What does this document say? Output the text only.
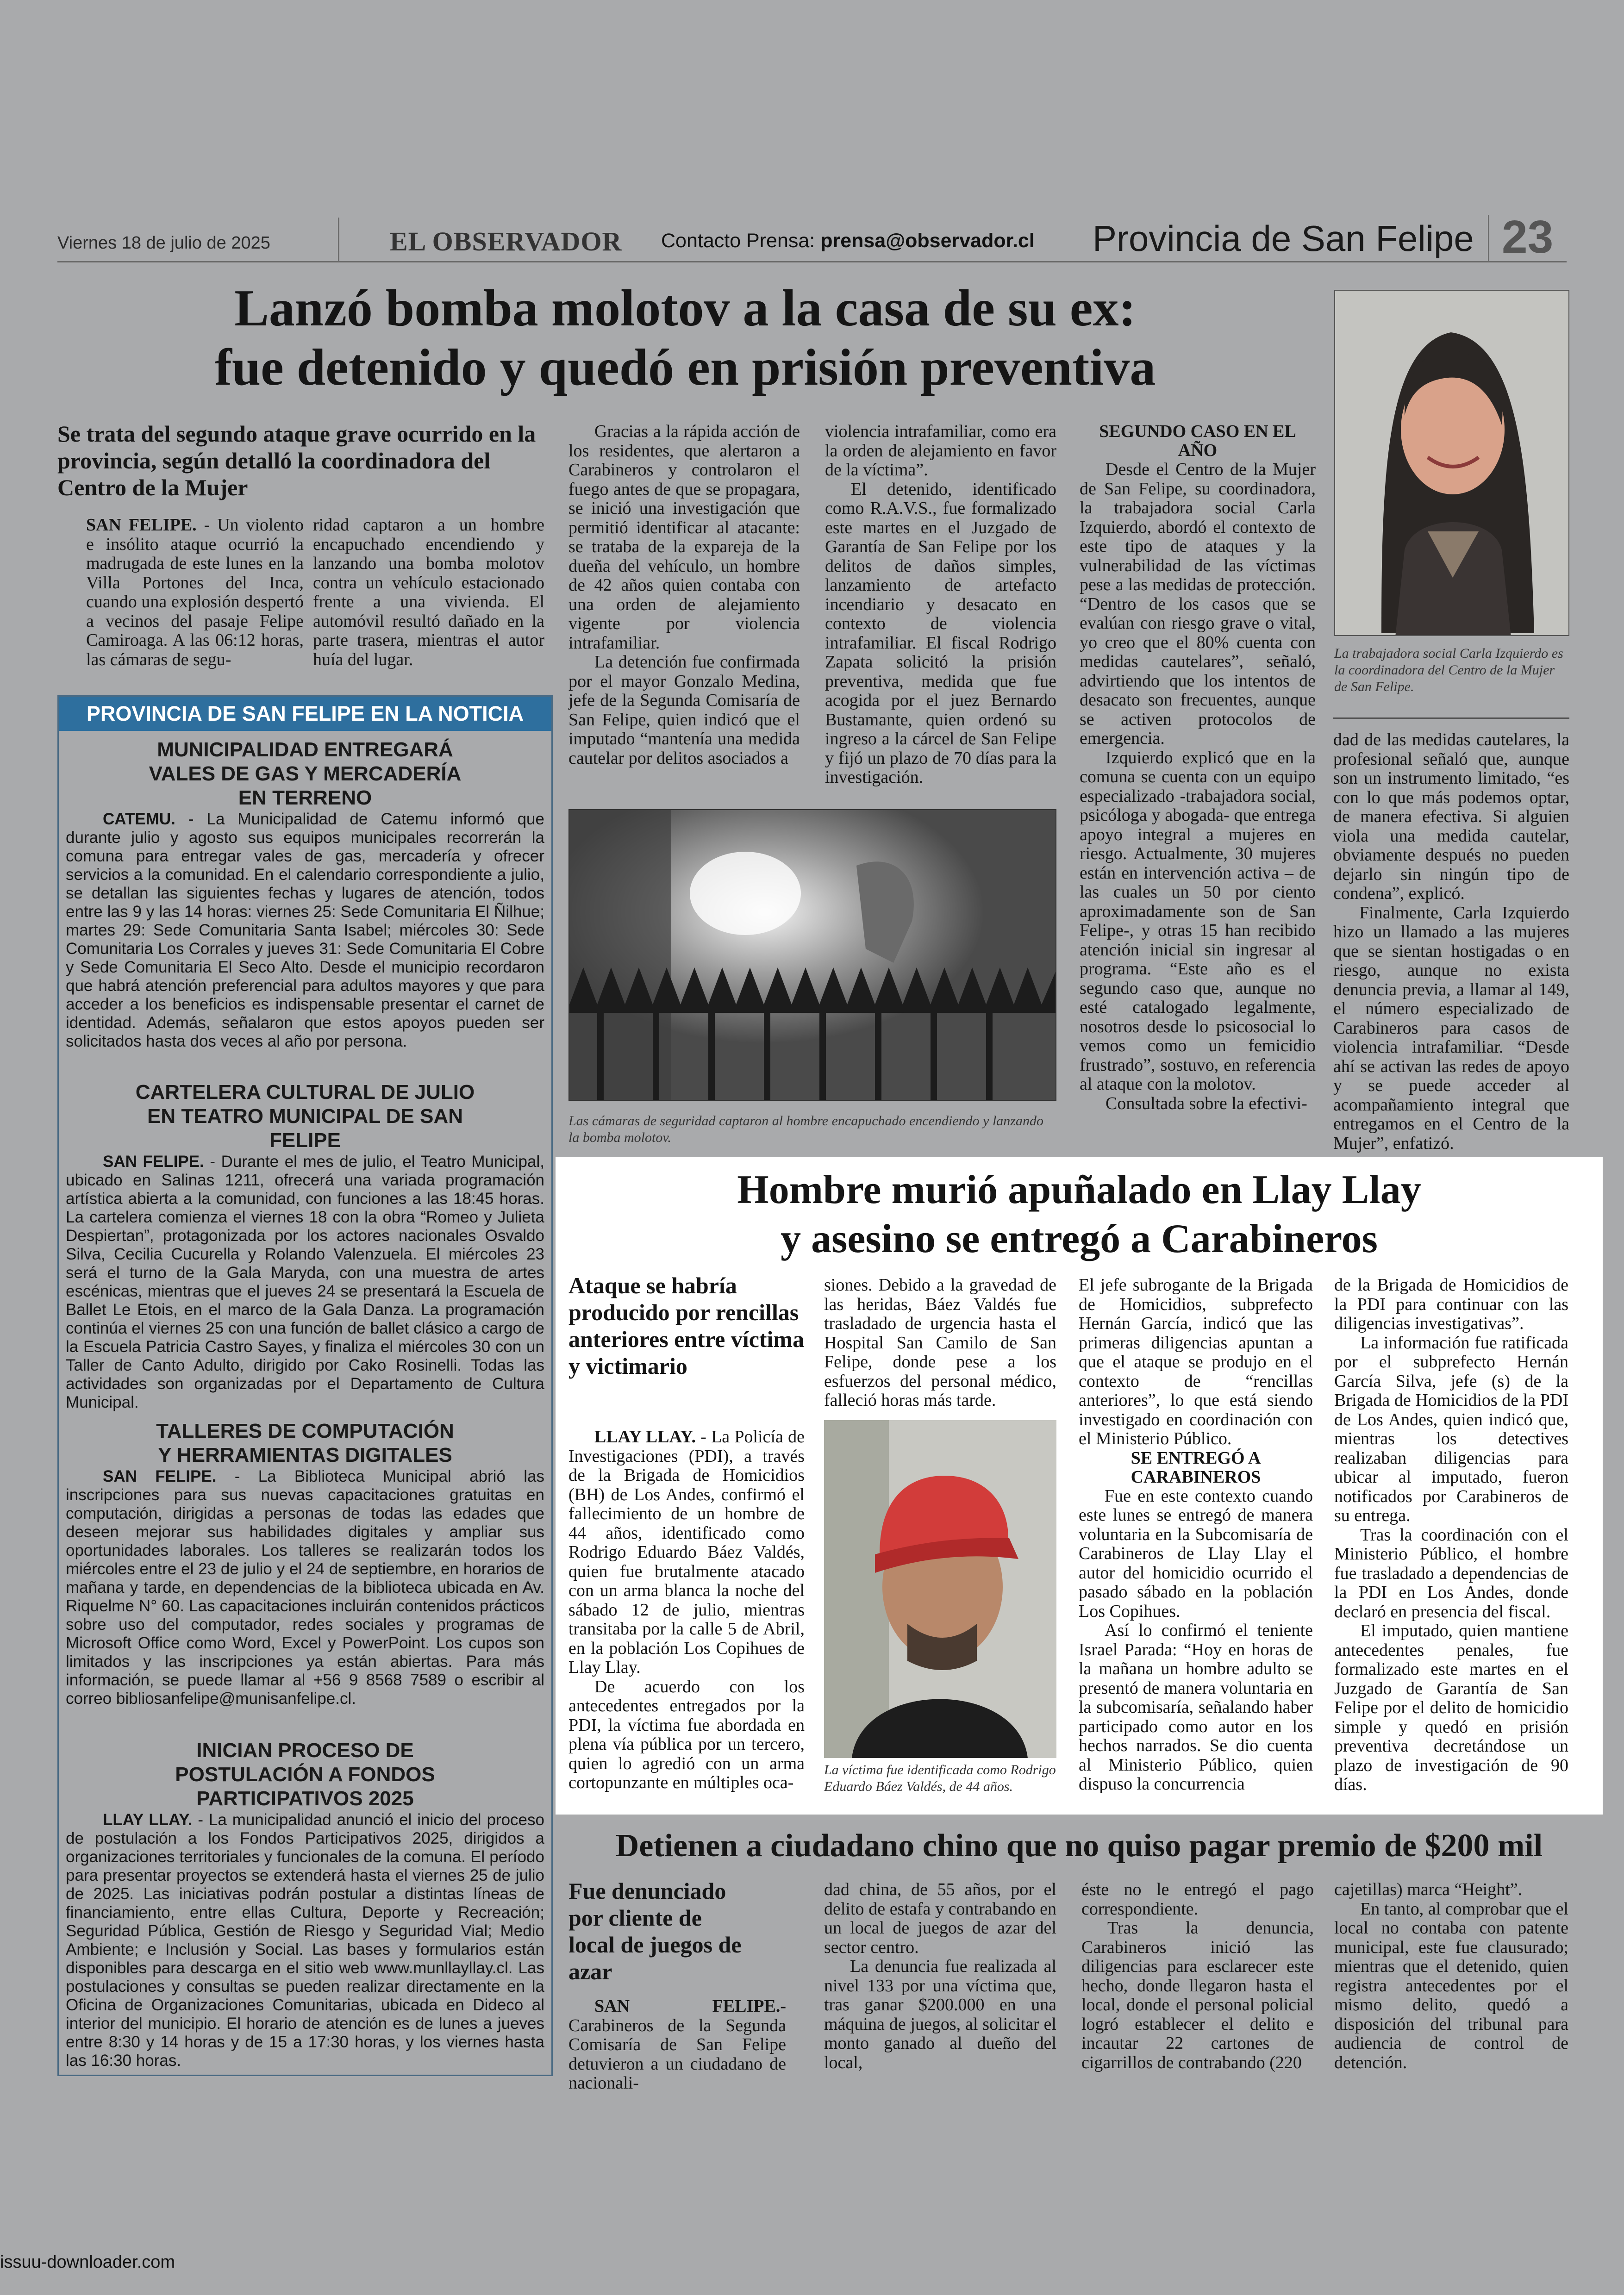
Viernes 18 de julio de 2025	EL OBSERVADOR Contacto Prensa: prensa@observador.cl Provincia de San Felipe 23
Lanzó bomba molotov a la casa de su ex:
fue detenido y quedó en prisión preventiva
Se trata del segundo ataque grave ocurrido en la provincia, según detalló la coordinadora del Centro de la Mujer

SAN FELIPE. - Un violento e insólito ataque ocurrió la madrugada de este lunes en la Villa Portones del Inca, cuando una explosión despertó a vecinos del pasaje Felipe Camiroaga. A las 06:12 horas, las cámaras de segu-

ridad captaron a un hombre encapuchado encendiendo y lanzando una bomba molotov contra un vehículo estacionado frente a una vivienda. El automóvil resultó dañado en la parte trasera, mientras el autor huía del lugar.

Gracias a la rápida acción de los residentes, que alertaron a Carabineros y controlaron el fuego antes de que se propagara, se inició una investigación que permitió identificar al atacante: se trataba de la expareja de la dueña del vehículo, un hombre de 42 años quien contaba con una orden de alejamiento vigente por violencia intrafamiliar.

La detención fue confirmada por el mayor Gonzalo Medina, jefe de la Segunda Comisaría de San Felipe, quien indicó que el imputado “mantenía una medida cautelar por delitos asociados a

violencia intrafamiliar, como era la orden de alejamiento en favor de la víctima”.

El detenido, identificado como R.A.V.S., fue formalizado este martes en el Juzgado de Garantía de San Felipe por los delitos de daños simples, lanzamiento de artefacto incendiario y desacato en contexto de violencia intrafamiliar. El fiscal Rodrigo Zapata solicitó la prisión preventiva, medida que fue acogida por el juez Bernardo Bustamante, quien ordenó su ingreso a la cárcel de San Felipe y fijó un plazo de 70 días para la investigación.

SEGUNDO CASO EN EL AÑO

Desde el Centro de la Mujer de San Felipe, su coordinadora, la trabajadora social Carla Izquierdo, abordó el contexto de este tipo de ataques y la vulnerabilidad de las víctimas pese a las medidas de protección. “Dentro de los casos que se evalúan con riesgo grave o vital, yo creo que el 80% cuenta con medidas cautelares”, señaló, advirtiendo que los intentos de desacato son frecuentes, aunque se activen protocolos de emergencia.

Izquierdo explicó que en la comuna se cuenta con un equipo especializado -trabajadora social, psicóloga y abogada- que entrega apoyo integral a mujeres en riesgo. Actualmente, 30 mujeres están en intervención activa – de las cuales un 50 por ciento aproximadamente son de San Felipe-, y otras 15 han recibido atención inicial sin ingresar al programa. “Este año es el segundo caso que, aunque no esté catalogado legalmente, nosotros desde lo psicosocial lo vemos como un femicidio frustrado”, sostuvo, en referencia al ataque con la molotov.

Consultada sobre la efectivi-

dad de las medidas cautelares, la profesional señaló que, aunque son un instrumento limitado, “es con lo que más podemos optar, de manera efectiva. Si alguien viola una medida cautelar, obviamente después no pueden dejarlo sin ningún tipo de condena”, explicó.

Finalmente, Carla Izquierdo hizo un llamado a las mujeres que se sientan hostigadas o en riesgo, aunque no exista denuncia previa, a llamar al 149, el número especializado de Carabineros para casos de violencia intrafamiliar. “Desde ahí se activan las redes de apoyo y se puede acceder al acompañamiento integral que entregamos en el Centro de la Mujer”, enfatizó.

La trabajadora social Carla Izquierdo es la coordinadora del Centro de la Mujer de San Felipe.
Las cámaras de seguridad captaron al hombre encapuchado encendiendo y lanzando la bomba molotov.
PROVINCIA DE SAN FELIPE EN LA NOTICIA
MUNICIPALIDAD ENTREGARÁ VALES DE GAS Y MERCADERÍA EN TERRENO
CATEMU. - La Municipalidad de Catemu informó que durante julio y agosto sus equipos municipales recorrerán la comuna para entregar vales de gas, mercadería y ofrecer servicios a la comunidad. En el calendario correspondiente a julio, se detallan las siguientes fechas y lugares de atención, todos entre las 9 y las 14 horas: viernes 25: Sede Comunitaria El Ñilhue; martes 29: Sede Comunitaria Santa Isabel; miércoles 30: Sede Comunitaria Los Corrales y jueves 31: Sede Comunitaria El Cobre y Sede Comunitaria El Seco Alto. Desde el municipio recordaron que habrá atención preferencial para adultos mayores y que para acceder a los beneficios es indispensable presentar el carnet de identidad. Además, señalaron que estos apoyos pueden ser solicitados hasta dos veces al año por persona.
CARTELERA CULTURAL DE JULIO EN TEATRO MUNICIPAL DE SAN FELIPE
SAN FELIPE. - Durante el mes de julio, el Teatro Municipal, ubicado en Salinas 1211, ofrecerá una variada programación artística abierta a la comunidad, con funciones a las 18:45 horas. La cartelera comienza el viernes 18 con la obra “Romeo y Julieta Despiertan”, protagonizada por los actores nacionales Osvaldo Silva, Cecilia Cucurella y Rolando Valenzuela. El miércoles 23 será el turno de la Gala Maryda, con una muestra de artes escénicas, mientras que el jueves 24 se presentará la Escuela de Ballet Le Etois, en el marco de la Gala Danza. La programación continúa el viernes 25 con una función de ballet clásico a cargo de la Escuela Patricia Castro Sayes, y finaliza el miércoles 30 con un Taller de Canto Adulto, dirigido por Cako Rosinelli. Todas las actividades son organizadas por el Departamento de Cultura Municipal.
TALLERES DE COMPUTACIÓN Y HERRAMIENTAS DIGITALES
SAN FELIPE. - La Biblioteca Municipal abrió las inscripciones para sus nuevas capacitaciones gratuitas en computación, dirigidas a personas de todas las edades que deseen mejorar sus habilidades digitales y ampliar sus oportunidades laborales. Los talleres se realizarán todos los miércoles entre el 23 de julio y el 24 de septiembre, en horarios de mañana y tarde, en dependencias de la biblioteca ubicada en Av. Riquelme N° 60. Las capacitaciones incluirán contenidos prácticos sobre uso del computador, redes sociales y programas de Microsoft Office como Word, Excel y PowerPoint. Los cupos son limitados y las inscripciones ya están abiertas. Para más información, se puede llamar al +56 9 8568 7589 o escribir al correo bibliosanfelipe@munisanfelipe.cl.
INICIAN PROCESO DE POSTULACIÓN A FONDOS PARTICIPATIVOS 2025
LLAY LLAY. - La municipalidad anunció el inicio del proceso de postulación a los Fondos Participativos 2025, dirigidos a organizaciones territoriales y funcionales de la comuna. El período para presentar proyectos se extenderá hasta el viernes 25 de julio de 2025. Las iniciativas podrán postular a distintas líneas de financiamiento, entre ellas Cultura, Deporte y Recreación; Seguridad Pública, Gestión de Riesgo y Seguridad Vial; Medio Ambiente; e Inclusión y Social. Las bases y formularios están disponibles para descarga en el sitio web www.munllayllay.cl. Las postulaciones y consultas se pueden realizar directamente en la Oficina de Organizaciones Comunitarias, ubicada en Dideco al interior del municipio. El horario de atención es de lunes a jueves entre 8:30 y 14 horas y de 15 a 17:30 horas, y los viernes hasta las 16:30 horas.
Hombre murió apuñalado en Llay Llay
y asesino se entregó a Carabineros
Ataque se habría producido por rencillas anteriores entre víctima y victimario

LLAY LLAY. - La Policía de Investigaciones (PDI), a través de la Brigada de Homicidios (BH) de Los Andes, confirmó el fallecimiento de un hombre de 44 años, identificado como Rodrigo Eduardo Báez Valdés, quien fue brutalmente atacado con un arma blanca la noche del sábado 12 de julio, mientras transitaba por la calle 5 de Abril, en la población Los Copihues de Llay Llay.

De acuerdo con los antecedentes entregados por la PDI, la víctima fue abordada en plena vía pública por un tercero, quien lo agredió con un arma cortopunzante en múltiples oca-

siones. Debido a la gravedad de las heridas, Báez Valdés fue trasladado de urgencia hasta el Hospital San Camilo de San Felipe, donde pese a los esfuerzos del personal médico, falleció horas más tarde.

La víctima fue identificada como Rodrigo Eduardo Báez Valdés, de 44 años.

El jefe subrogante de la Brigada de Homicidios, subprefecto Hernán García, indicó que las primeras diligencias apuntan a que el ataque se produjo en el contexto de “rencillas anteriores”, lo que está siendo investigado en coordinación con el Ministerio Público.

SE ENTREGÓ A CARABINEROS

Fue en este contexto cuando este lunes se entregó de manera voluntaria en la Subcomisaría de Carabineros de Llay Llay el autor del homicidio ocurrido el pasado sábado en la población Los Copihues.

Así lo confirmó el teniente Israel Parada: “Hoy en horas de la mañana un hombre adulto se presentó de manera voluntaria en la subcomisaría, señalando haber participado como autor en los hechos narrados. Se dio cuenta al Ministerio Público, quien dispuso la concurrencia

de la Brigada de Homicidios de la PDI para continuar con las diligencias investigativas”.

La información fue ratificada por el subprefecto Hernán García Silva, jefe (s) de la Brigada de Homicidios de la PDI de Los Andes, quien indicó que, mientras los detectives realizaban diligencias para ubicar al imputado, fueron notificados por Carabineros de su entrega.

Tras la coordinación con el Ministerio Público, el hombre fue trasladado a dependencias de la PDI en Los Andes, donde declaró en presencia del fiscal.

El imputado, quien mantiene antecedentes penales, fue formalizado este martes en el Juzgado de Garantía de San Felipe por el delito de homicidio simple y quedó en prisión preventiva decretándose un plazo de investigación de 90 días.

Detienen a ciudadano chino que no quiso pagar premio de $200 mil
Fue denunciado por cliente de local de juegos de azar

SAN FELIPE.- Carabineros de la Segunda Comisaría de San Felipe detuvieron a un ciudadano de nacionali-

dad china, de 55 años, por el delito de estafa y contrabando en un local de juegos de azar del sector centro.

La denuncia fue realizada al nivel 133 por una víctima que, tras ganar $200.000 en una máquina de juegos, al solicitar el monto ganado al dueño del local,

éste no le entregó el pago correspondiente.

Tras la denuncia, Carabineros inició las diligencias para esclarecer este hecho, donde llegaron hasta el local, donde el personal policial logró establecer el delito e incautar 22 cartones de cigarrillos de contrabando (220

cajetillas) marca “Height”.

En tanto, al comprobar que el local no contaba con patente municipal, este fue clausurado; mientras que el detenido, quien registra antecedentes por el mismo delito, quedó a disposición del tribunal para audiencia de control de detención.

issuu-downloader.com
